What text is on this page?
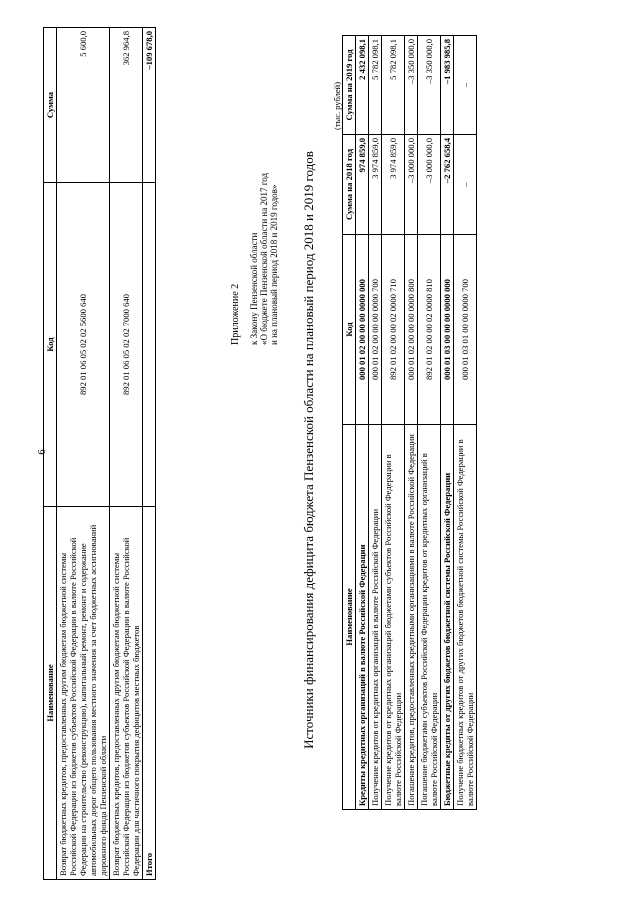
6
Наименование	Код	Сумма
Возврат бюджетных кредитов, предоставленных другим бюджетам бюджетной системы Российской Федерации из бюджетов субъектов Российской Федерации в валюте Российской Федерации на строительство (реконструкцию), капитальный ремонт, ремонт и содержание автомобильных дорог общего пользования местного значения за счет бюджетных ассигнований дорожного фонда Пензенской области	892 01 06 05 02 02 5600 640	5 600,0
Возврат бюджетных кредитов, предоставленных другим бюджетам бюджетной системы Российской Федерации из бюджетов субъектов Российской Федерации в валюте Российской Федерации для частичного покрытия дефицитов местных бюджетов	892 01 06 05 02 02 7000 640	362 964,8
Итого		–109 678,0
Приложение 2 к Закону Пензенской области «О бюджете Пензенской области на 2017 год и на плановый период 2018 и 2019 годов» Источники финансирования дефицита бюджета Пензенской области на плановый период 2018 и 2019 годов
(тыс. рублей)
Наименование	Код	Сумма на 2018 год	Сумма на 2019 год
Кредиты кредитных организаций в валюте Российской Федерации	000 01 02 00 00 00 0000 000	974 859,0	2 432 098,1
Получение кредитов от кредитных организаций в валюте Российской Федерации	000 01 02 00 00 00 0000 700	3 974 859,0	5 782 098,1
Получение кредитов от кредитных организаций бюджетами субъектов Российской Федерации в валюте Российской Федерации	892 01 02 00 00 02 0000 710	3 974 859,0	5 782 098,1
Погашение кредитов, предоставленных кредитными организациями в валюте Российской Федерации	000 01 02 00 00 00 0000 800	–3 000 000,0	–3 350 000,0
Погашение бюджетами субъектов Российской Федерации кредитов от кредитных организаций в валюте Российской Федерации	892 01 02 00 00 02 0000 810	–3 000 000,0	–3 350 000,0
Бюджетные кредиты от других бюджетов бюджетной системы Российской Федерации	000 01 03 00 00 00 0000 000	–2 762 658,4	–1 983 985,8
Получение бюджетных кредитов от других бюджетов бюджетной системы Российской Федерации в валюте Российской Федерации	000 01 03 01 00 00 0000 700	–	–
